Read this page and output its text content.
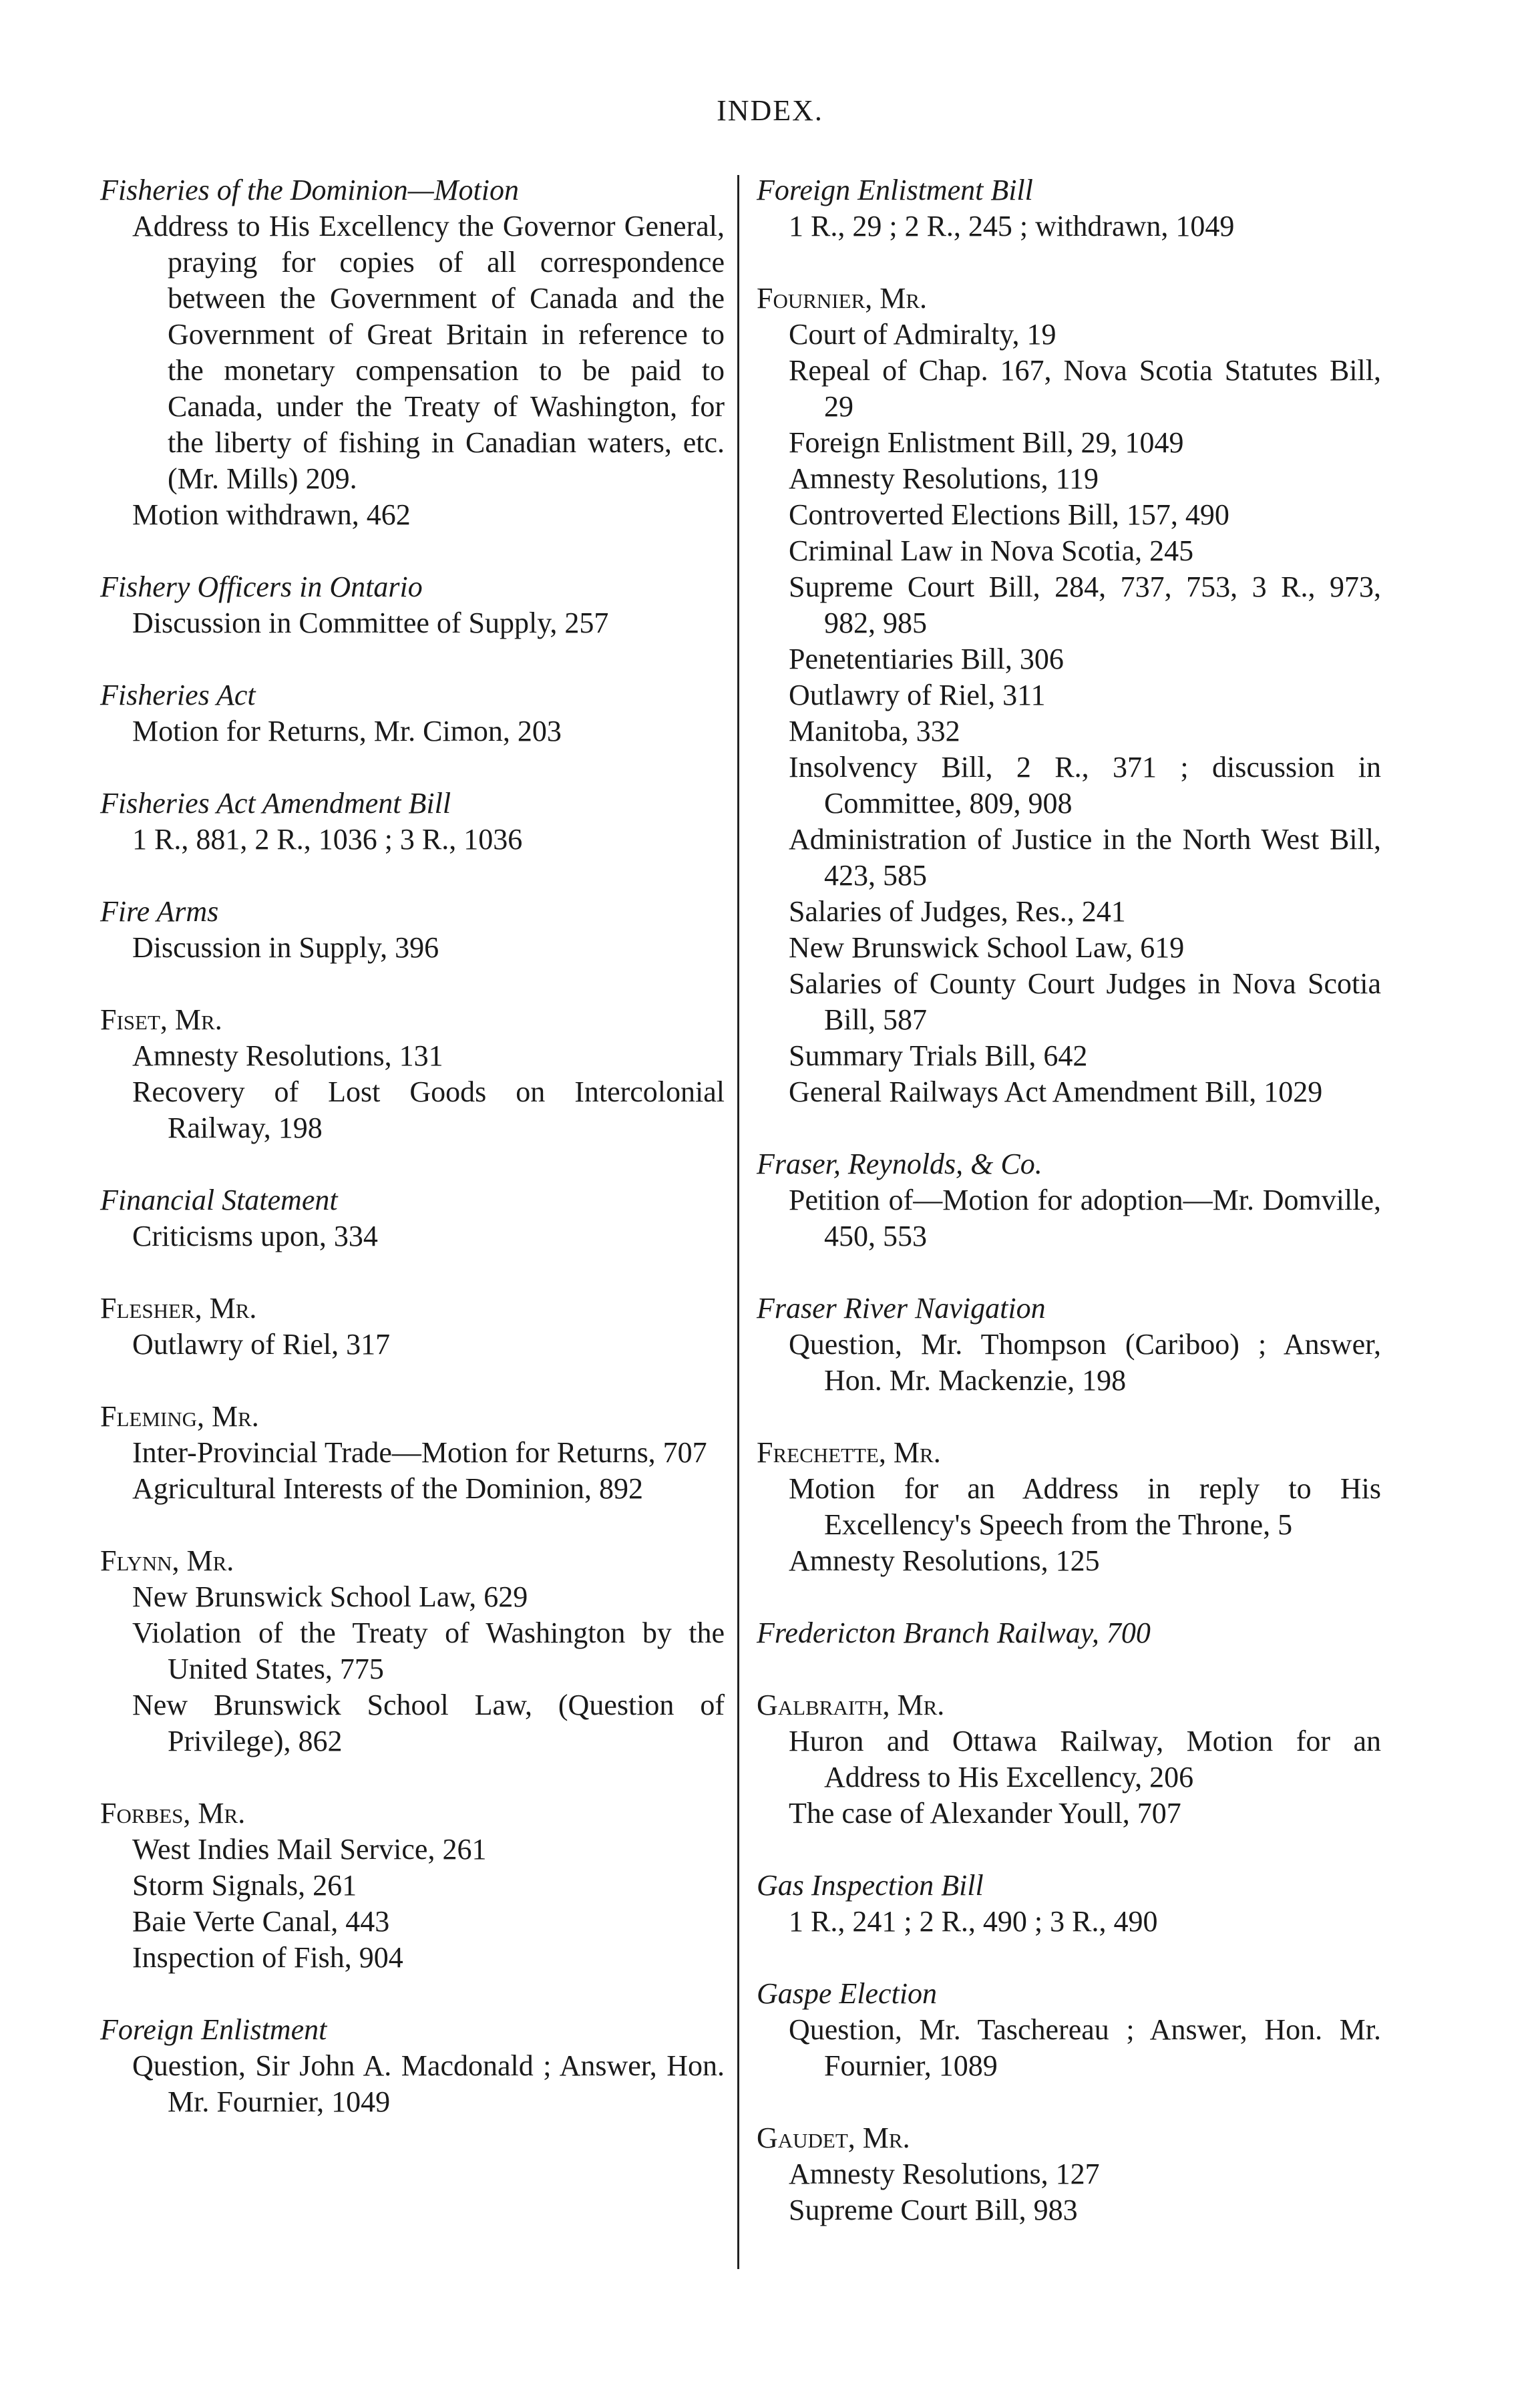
INDEX.
Fisheries of the Dominion—Motion
Address to His Excellency the Governor General, praying for copies of all correspondence between the Government of Canada and the Government of Great Britain in reference to the monetary compensation to be paid to Canada, under the Treaty of Washington, for the liberty of fishing in Canadian waters, etc. (Mr. Mills) 209.
Motion withdrawn, 462
Fishery Officers in Ontario
Discussion in Committee of Supply, 257
Fisheries Act
Motion for Returns, Mr. Cimon, 203
Fisheries Act Amendment Bill
1 R., 881, 2 R., 1036 ; 3 R., 1036
Fire Arms
Discussion in Supply, 396
Fiset, Mr.
Amnesty Resolutions, 131
Recovery of Lost Goods on Intercolonial Railway, 198
Financial Statement
Criticisms upon, 334
Flesher, Mr.
Outlawry of Riel, 317
Fleming, Mr.
Inter-Provincial Trade—Motion for Returns, 707
Agricultural Interests of the Dominion, 892
Flynn, Mr.
New Brunswick School Law, 629
Violation of the Treaty of Washington by the United States, 775
New Brunswick School Law, (Question of Privilege), 862
Forbes, Mr.
West Indies Mail Service, 261
Storm Signals, 261
Baie Verte Canal, 443
Inspection of Fish, 904
Foreign Enlistment
Question, Sir John A. Macdonald ; Answer, Hon. Mr. Fournier, 1049
Foreign Enlistment Bill
1 R., 29 ; 2 R., 245 ; withdrawn, 1049
Fournier, Mr.
Court of Admiralty, 19
Repeal of Chap. 167, Nova Scotia Statutes Bill, 29
Foreign Enlistment Bill, 29, 1049
Amnesty Resolutions, 119
Controverted Elections Bill, 157, 490
Criminal Law in Nova Scotia, 245
Supreme Court Bill, 284, 737, 753, 3 R., 973, 982, 985
Penetentiaries Bill, 306
Outlawry of Riel, 311
Manitoba, 332
Insolvency Bill, 2 R., 371 ; discussion in Committee, 809, 908
Administration of Justice in the North West Bill, 423, 585
Salaries of Judges, Res., 241
New Brunswick School Law, 619
Salaries of County Court Judges in Nova Scotia Bill, 587
Summary Trials Bill, 642
General Railways Act Amendment Bill, 1029
Fraser, Reynolds, & Co.
Petition of—Motion for adoption—Mr. Domville, 450, 553
Fraser River Navigation
Question, Mr. Thompson (Cariboo) ; Answer, Hon. Mr. Mackenzie, 198
Frechette, Mr.
Motion for an Address in reply to His Excellency's Speech from the Throne, 5
Amnesty Resolutions, 125
Fredericton Branch Railway, 700
Galbraith, Mr.
Huron and Ottawa Railway, Motion for an Address to His Excellency, 206
The case of Alexander Youll, 707
Gas Inspection Bill
1 R., 241 ; 2 R., 490 ; 3 R., 490
Gaspe Election
Question, Mr. Taschereau ; Answer, Hon. Mr. Fournier, 1089
Gaudet, Mr.
Amnesty Resolutions, 127
Supreme Court Bill, 983
